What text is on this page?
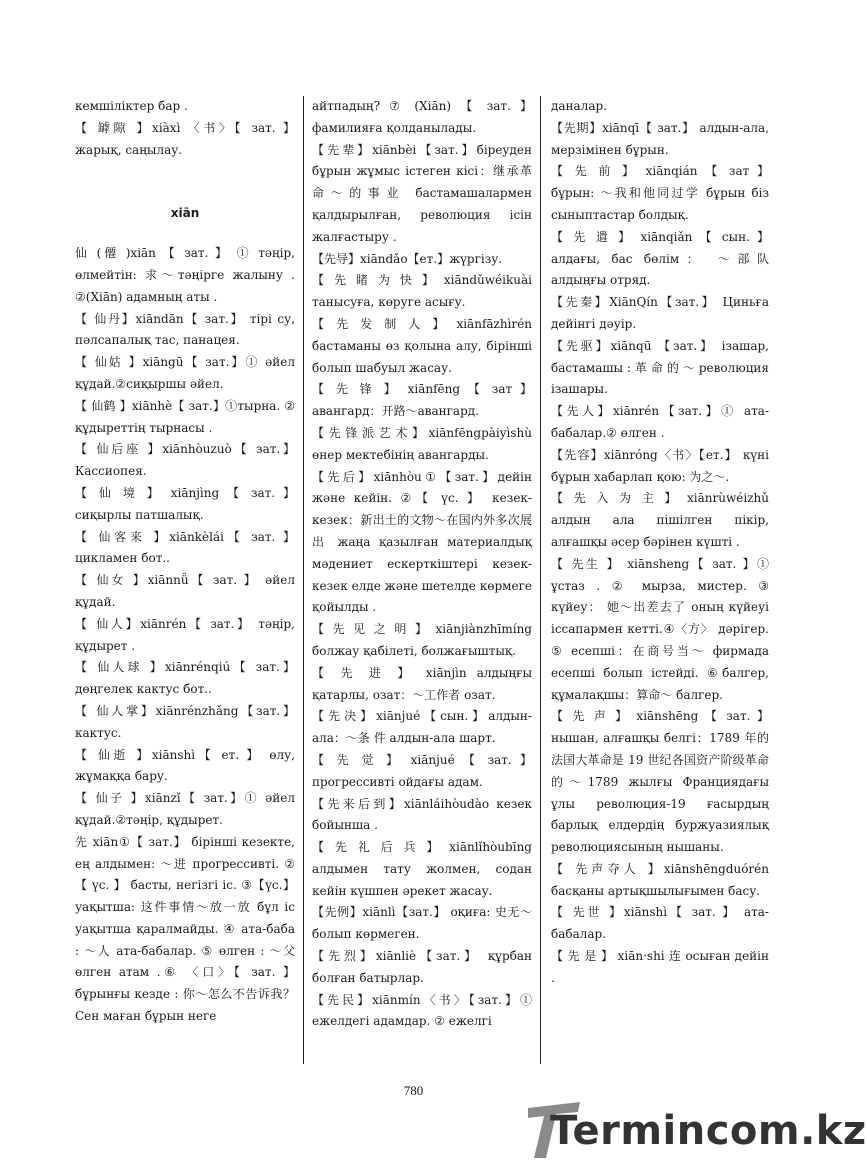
кемшіліктер бар .

【 罅隙 】xiàxì 〈书〉【 зат. 】 жарық, саңылау.

xiān

仙 (僊 )xiān 【 зат. 】 ① тәңір, өлмейтін: 求～тәңірге жалыну . ②(Xiān) адамның аты .

【 仙丹】xiāndān【 зат.】 тірі су, пәлсапалық тас, панацея.

【 仙姑 】xiāngū【 зат.】① әйел құдай.②сиқыршы әйел.

【 仙鹤 】xiānhè【 зат.】①тырна. ② құдыреттің тырнасы .

【 仙后座 】xiānhòuzuò【 зат.】 Кассиопея.

【 仙 境 】 xiānjìng 【 зат. 】 сиқырлы патшалық.

【 仙客来 】xiānkèlái【 зат. 】 цикламен бот..

【 仙女 】xiānnǚ【 зат. 】 әйел құдай.

【 仙人】xiānrén【 зат.】 тәңір, құдырет .

【 仙人球 】xiānrénqiú【 зат.】 дөңгелек кактус бот..

【 仙人掌】xiānrénzhǎng【зат.】 кактус.

【 仙逝 】xiānshì【 ет. 】 өлу, жұмаққа бару.

【 仙子 】xiānzǐ【 зат.】① әйел құдай.②тәңір, құдырет.

先 xiān①【 зат.】 бірінші кезекте, ең алдымен: ～进 прогрессивті. ②【 үс. 】 басты, негізгі іс. ③【үс.】 уақытша: 这件事情～放一放 бұл іс уақытша қаралмайды. ④ ата-баба : ～人 ата-бабалар. ⑤ өлген : ～父 өлген атам .⑥ 〈口〉【 зат. 】 бұрынғы кезде : 你～怎么不告诉我？ Сен маған бұрын неге

айтпадың? ⑦ (Xiān) 【 зат. 】 фамилияға қолданылады.

【先辈】xiānbèi【зат.】біреуден бұрын жұмыс істеген кісі：继承革命～的事业 бастамашалармен қалдырылған, революция ісін жалғастыру .

【先导】xiāndǎo【ет.】жүргізу.

【 先 睹 为 快 】 xiāndǔwéikuài танысуға, көруге асығу.

【 先 发 制 人 】 xiānfāzhìrén бастаманы өз қолына алу, бірінші болып шабуыл жасау.

【 先 锋 】 xiānfēng 【 зат 】 авангард：开路～авангард.

【先锋派艺术】xiānfēngpàiyìshù өнер мектебінің авангарды.

【先后】xiānhòu①【зат.】дейін және кейін. ②【 үс. 】 кезек-кезек：新出土的文物～在国内外多次展出 жаңа қазылған материалдық мәдениет ескерткіштері кезек-кезек елде және шетелде көрмеге қойылды .

【 先 见 之 明 】 xiānjiànzhīmíng болжау қабілеті, болжағыштық.

【 先 进 】 xiānjìn алдыңғы қатарлы, озат：～工作者 озат.

【 先 决 】 xiānjué 【 сын. 】 алдын-ала：～条 件 алдын-ала шарт.

【 先 觉 】 xiānjué 【 зат. 】 прогрессивті ойдағы адам.

【先来后到】xiānláihòudào кезек бойынша .

【 先 礼 后 兵 】 xiānlǐhòubīng алдымен тату жолмен, содан кейін күшпен әрекет жасау.

【先例】xiānlì【зат.】 оқиға: 史无～болып көрмеген.

【先烈】xiānliè【зат.】 құрбан болған батырлар.

【先民】xiānmín〈书〉【зат.】① ежелдегі адамдар. ② ежелгі

даналар.

【先期】xiānqī【 зат.】 алдын-ала, мерзімінен бұрын.

【 先 前 】 xiānqián 【 зат 】 бұрын: ～我和他同过学 бұрын біз сыныптастар болдық.

【 先 遣 】 xiānqiǎn 【 сын. 】 алдағы, бас бөлім： ～部队 алдыңғы отряд.

【先秦】XiānQín【зат.】 Циньға дейінгі дәуір.

【先驱】xiānqū 【зат.】 ізашар, бастамашы : 革 命 的 ～ революция ізашары.

【先人】xiānrén【зат.】① ата-бабалар.② өлген .

【先容】xiānróng〈书〉【ет.】 күні бұрын хабарлап қою: 为之～.

【 先 入 为 主 】 xiānrùwéizhǔ алдын ала пішілген пікір, алғашқы әсер бәрінен күшті .

【 先生 】 xiānsheng【 зат. 】① ұстаз . ② мырза, мистер. ③ күйеу： 她～出差去了 оның күйеуі іссапармен кетті.④〈方〉 дәрігер. ⑤ есепші：在商号当～ фирмада есепші болып істейді. ⑥балгер, құмалақшы：算命～ балгер.

【 先 声 】 xiānshēng 【 зат. 】 нышан, алғашқы белгі：1789 年的法国大革命是 19 世纪各国资产阶级革命的～1789 жылғы Франциядағы ұлы революция-19 ғасырдың барлық елдердің буржуазиялық революциясының нышаны.

【 先声夺人 】xiānshēngduórén басқаны артықшылығымен басу.

【 先世 】xiānshì【 зат. 】 ата-бабалар.

【 先 是 】 xiān·shi 连 осыған дейін .

780
Termincom.kz
